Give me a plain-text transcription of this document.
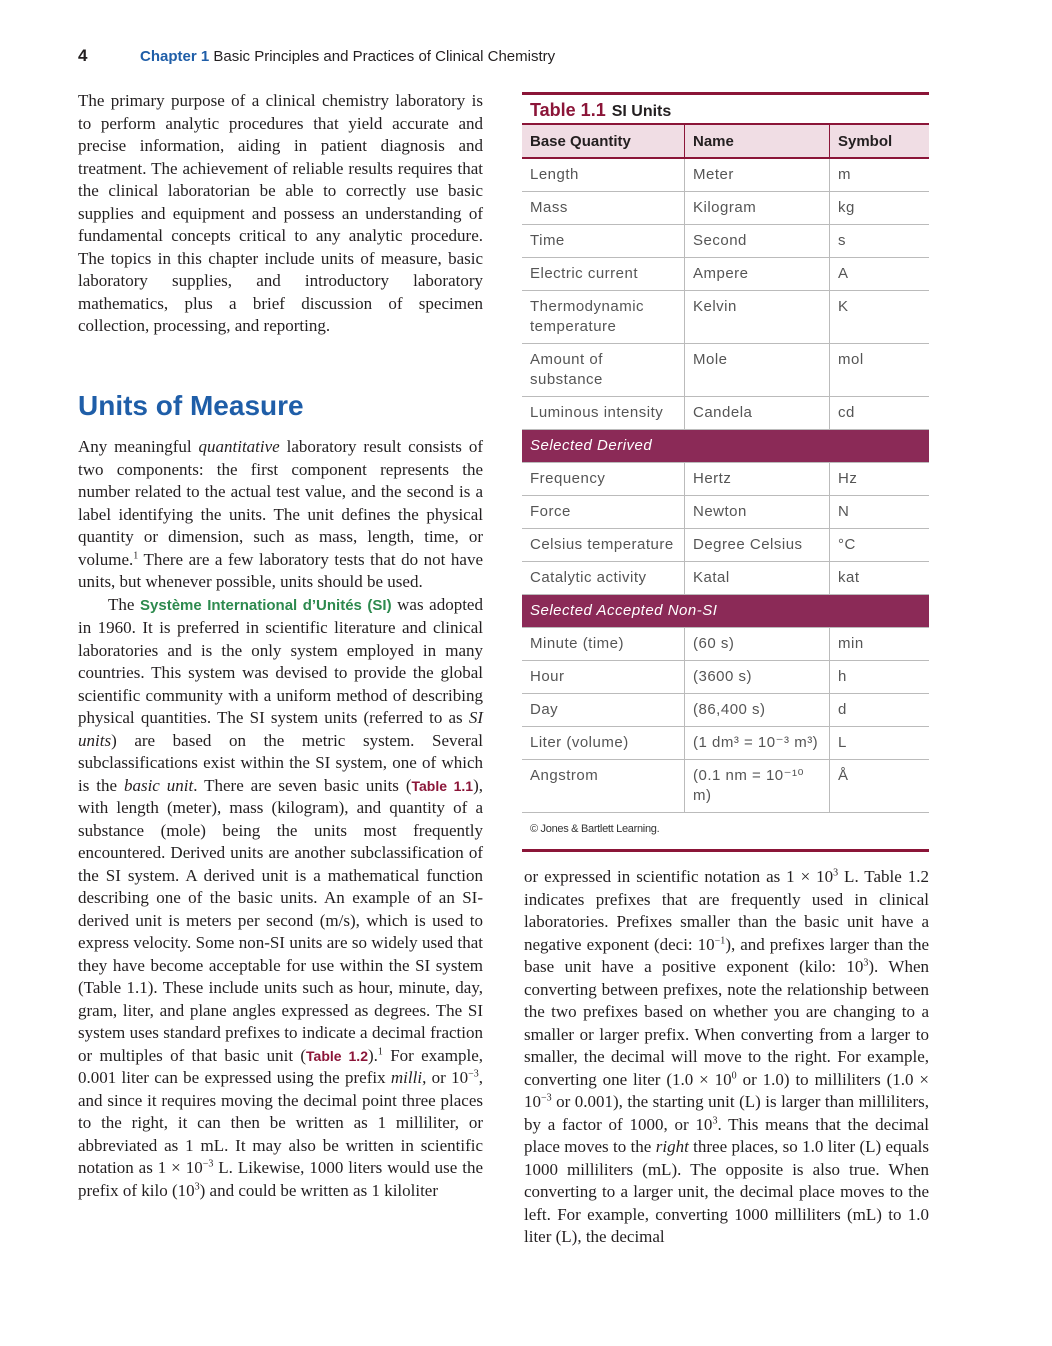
4	Chapter 1 Basic Principles and Practices of Clinical Chemistry

The primary purpose of a clinical chemistry laboratory is to perform analytic procedures that yield accurate and precise information, aiding in patient diagnosis and treatment. The achievement of reliable results requires that the clinical laboratorian be able to correctly use basic supplies and equipment and possess an understanding of fundamental concepts critical to any analytic procedure. The topics in this chapter include units of measure, basic laboratory supplies, and introductory laboratory mathematics, plus a brief discussion of specimen collection, processing, and reporting.

Units of Measure

Any meaningful quantitative laboratory result consists of two components: the first component represents the number related to the actual test value, and the second is a label identifying the units. The unit defines the physical quantity or dimension, such as mass, length, time, or volume.$^1$ There are a few laboratory tests that do not have units, but whenever possible, units should be used.

The Système International d’Unités (SI) was adopted in 1960. It is preferred in scientific literature and clinical laboratories and is the only system employed in many countries. This system was devised to provide the global scientific community with a uniform method of describing physical quantities. The SI system units (referred to as SI units) are based on the metric system. Several subclassifications exist within the SI system, one of which is the basic unit. There are seven basic units (Table 1.1), with length (meter), mass (kilogram), and quantity of a substance (mole) being the units most frequently encountered. Derived units are another subclassification of the SI system. A derived unit is a mathematical function describing one of the basic units. An example of an SI-derived unit is meters per second (m/s), which is used to express velocity. Some non-SI units are so widely used that they have become acceptable for use within the SI system (Table 1.1). These include units such as hour, minute, day, gram, liter, and plane angles expressed as degrees. The SI system uses standard prefixes to indicate a decimal fraction or multiples of that basic unit (Table 1.2).$^1$ For example, 0.001 liter can be expressed using the prefix milli, or $10^{-3}$, and since it requires moving the decimal point three places to the right, it can then be written as 1 milliliter, or abbreviated as 1 mL. It may also be written in scientific notation as $1 \times 10^{-3}$ L. Likewise, 1000 liters would use the prefix of kilo $(10^3)$ and could be written as 1 kiloliter

Table 1.1 SI Units
Base Quantity	Name	Symbol
Length	Meter	m
Mass	Kilogram	kg
Time	Second	s
Electric current	Ampere	A
Thermodynamic temperature	Kelvin	K
Amount of substance	Mole	mol
Luminous intensity	Candela	cd
Selected Derived		
Frequency	Hertz	Hz
Force	Newton	N
Celsius temperature	Degree Celsius	°C
Catalytic activity	Katal	kat
Selected Accepted Non-SI		
Minute (time)	(60 s)	min
Hour	(3600 s)	h
Day	(86,400 s)	d
Liter (volume)	(1 dm³ = 10⁻³ m³)	L
Angstrom	(0.1 nm = 10⁻¹⁰ m)	Å
© Jones & Bartlett Learning.

or expressed in scientific notation as $1 \times 10^3$ L. Table 1.2 indicates prefixes that are frequently used in clinical laboratories. Prefixes smaller than the basic unit have a negative exponent (deci: $10^{-1}$), and prefixes larger than the base unit have a positive exponent (kilo: $10^3$). When converting between prefixes, note the relationship between the two prefixes based on whether you are changing to a smaller or larger prefix. When converting from a larger to smaller, the decimal will move to the right. For example, converting one liter ($1.0 \times 10^0$ or 1.0) to milliliters ($1.0 \times 10^{-3}$ or 0.001), the starting unit (L) is larger than milliliters, by a factor of 1000, or $10^3$. This means that the decimal place moves to the right three places, so 1.0 liter (L) equals 1000 milliliters (mL). The opposite is also true. When converting to a larger unit, the decimal place moves to the left. For example, converting 1000 milliliters (mL) to 1.0 liter (L), the decimal
